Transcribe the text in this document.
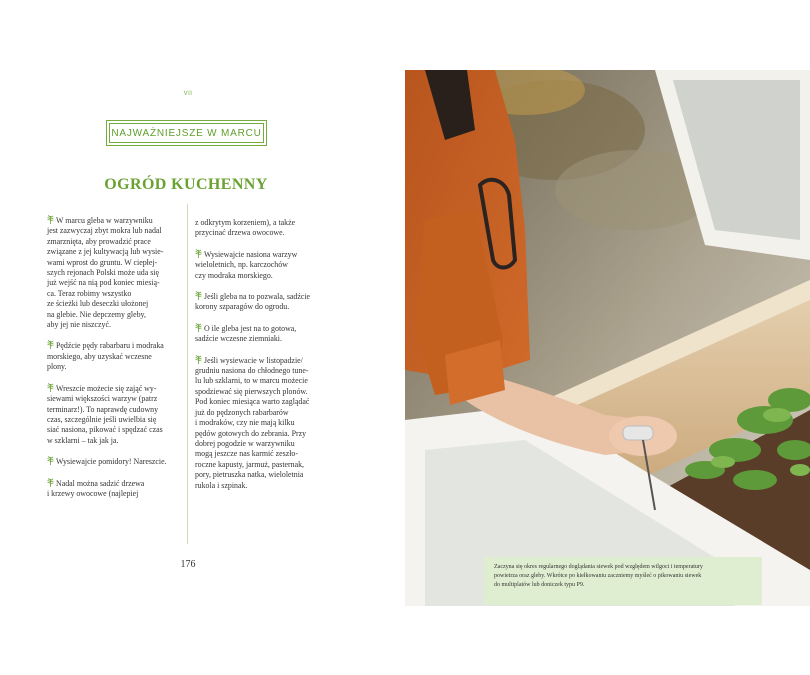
VII
NAJWAŻNIEJSZE W MARCU
OGRÓD KUCHENNY

W marcu gleba w warzywniku
jest zazwyczaj zbyt mokra lub nadal
zmarznięta, aby prowadzić prace
związane z jej kultywacją lub wysie-
wami wprost do gruntu. W ciepłej-
szych rejonach Polski może uda się
już wejść na nią pod koniec miesią-
ca. Teraz robimy wszystko
ze ścieżki lub deseczki ułożonej
na glebie. Nie depczemy gleby,
aby jej nie niszczyć.

Pędźcie pędy rabarbaru i modraka
morskiego, aby uzyskać wczesne
plony.

Wreszcie możecie się zająć wy-
siewami większości warzyw (patrz
terminarz!). To naprawdę cudowny
czas, szczególnie jeśli uwielbia się
siać nasiona, pikować i spędzać czas
w szklarni – tak jak ja.

Wysiewajcie pomidory! Nareszcie.

Nadal można sadzić drzewa
i krzewy owocowe (najlepiej

z odkrytym korzeniem), a także
przycinać drzewa owocowe.

Wysiewajcie nasiona warzyw
wieloletnich, np. karczochów
czy modraka morskiego.

Jeśli gleba na to pozwala, sadźcie
korony szparagów do ogrodu.

O ile gleba jest na to gotowa,
sadźcie wczesne ziemniaki.

Jeśli wysiewacie w listopadzie/
grudniu nasiona do chłodnego tune-
lu lub szklarni, to w marcu możecie
spodziewać się pierwszych plonów.
Pod koniec miesiąca warto zaglądać
już do pędzonych rabarbarów
i modraków, czy nie mają kilku
pędów gotowych do zebrania. Przy
dobrej pogodzie w warzywniku
mogą jeszcze nas karmić zeszło-
roczne kapusty, jarmuż, pasternak,
pory, pietruszka natka, wieloletnia
rukola i szpinak.

176	Zaczyna się okres regularnego doglądania siewek pod względem wilgoci i temperatury
powietrza oraz gleby. Wkrótce po kiełkowaniu zaczniemy myśleć o pikowaniu siewek
do multiplatów lub doniczek typu P9.
